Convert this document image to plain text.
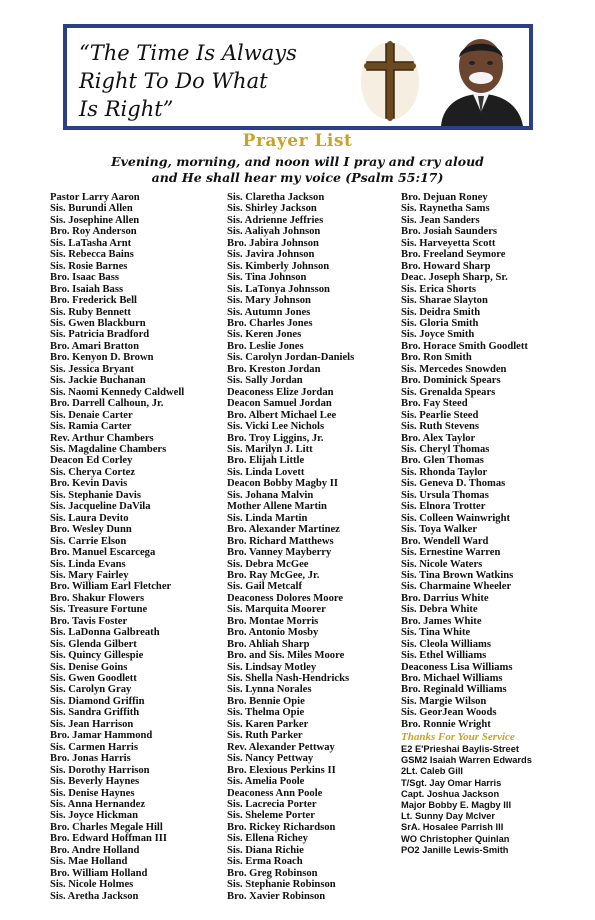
“The Time Is Always
Right To Do What
Is Right”
Prayer List
Evening, morning, and noon will I pray and cry aloud
and He shall hear my voice (Psalm 55:17)
Pastor Larry Aaron
Sis. Burundi Allen
Sis. Josephine Allen
Bro. Roy Anderson
Sis. LaTasha Arnt
Sis. Rebecca Bains
Sis. Rosie Barnes
Bro. Isaac Bass
Bro. Isaiah Bass
Bro. Frederick Bell
Sis. Ruby Bennett
Sis. Gwen Blackburn
Sis. Patricia Bradford
Bro. Amari Bratton
Bro. Kenyon D. Brown
Sis. Jessica Bryant
Sis. Jackie Buchanan
Sis. Naomi Kennedy Caldwell
Bro. Darrell Calhoun, Jr.
Sis. Denaie Carter
Sis. Ramia Carter
Rev. Arthur Chambers
Sis. Magdaline Chambers
Deacon Ed Corley
Sis. Cherya Cortez
Bro. Kevin Davis
Sis. Stephanie Davis
Sis. Jacqueline DaVila
Sis. Laura Devito
Bro. Wesley Dunn
Sis. Carrie Elson
Bro. Manuel Escarcega
Sis. Linda Evans
Sis. Mary Fairley
Bro. William Earl Fletcher
Bro. Shakur Flowers
Sis. Treasure Fortune
Bro. Tavis Foster
Sis. LaDonna Galbreath
Sis. Glenda Gilbert
Sis. Quincy Gillespie
Sis. Denise Goins
Sis. Gwen Goodlett
Sis. Carolyn Gray
Sis. Diamond Griffin
Sis. Sandra Griffith
Sis. Jean Harrison
Bro. Jamar Hammond
Sis. Carmen Harris
Bro. Jonas Harris
Sis. Dorothy Harrison
Sis. Beverly Haynes
Sis. Denise Haynes
Sis. Anna Hernandez
Sis. Joyce Hickman
Bro. Charles Megale Hill
Bro. Edward Hoffman III
Bro. Andre Holland
Sis. Mae Holland
Bro. William Holland
Sis. Nicole Holmes
Sis. Aretha Jackson
Sis. Claretha Jackson
Sis. Shirley Jackson
Sis. Adrienne Jeffries
Sis. Aaliyah Johnson
Bro. Jabira Johnson
Sis. Javira Johnson
Sis. Kimberly Johnson
Sis. Tina Johnson
Sis. LaTonya Johnsson
Sis. Mary Johnson
Sis. Autumn Jones
Bro. Charles Jones
Sis. Keren Jones
Bro. Leslie Jones
Sis. Carolyn Jordan-Daniels
Bro. Kreston Jordan
Sis. Sally Jordan
Deaconess Elize Jordan
Deacon Samuel Jordan
Bro. Albert Michael Lee
Sis. Vicki Lee Nichols
Bro. Troy Liggins, Jr.
Sis. Marilyn J. Litt
Bro. Elijah Little
Sis. Linda Lovett
Deacon Bobby Magby II
Sis. Johana Malvin
Mother Allene Martin
Sis. Linda Martin
Bro. Alexander Martinez
Bro. Richard Matthews
Bro. Vanney Mayberry
Sis. Debra McGee
Bro. Ray McGee, Jr.
Sis. Gail Metcalf
Deaconess Dolores Moore
Sis. Marquita Moorer
Bro. Montae Morris
Bro. Antonio Mosby
Bro. Ahliah Sharp
Bro. and Sis. Miles Moore
Sis. Lindsay Motley
Sis. Shella Nash-Hendricks
Sis. Lynna Norales
Bro. Bennie Opie
Sis. Thelma Opie
Sis. Karen Parker
Sis. Ruth Parker
Rev. Alexander Pettway
Sis. Nancy Pettway
Bro. Elexious Perkins II
Sis. Amelia Poole
Deaconess Ann Poole
Sis. Lacrecia Porter
Sis. Sheleme Porter
Bro. Rickey Richardson
Sis. Ellena Richey
Sis. Diana Richie
Sis. Erma Roach
Bro. Greg Robinson
Sis. Stephanie Robinson
Bro. Xavier Robinson
Bro. Dejuan Roney
Sis. Raynetha Sams
Sis. Jean Sanders
Bro. Josiah Saunders
Sis. Harveyetta Scott
Bro. Freeland Seymore
Bro. Howard Sharp
Deac. Joseph Sharp, Sr.
Sis. Erica Shorts
Sis. Sharae Slayton
Sis. Deidra Smith
Sis. Gloria Smith
Sis. Joyce Smith
Bro. Horace Smith Goodlett
Bro. Ron Smith
Sis. Mercedes Snowden
Bro. Dominick Spears
Sis. Grenalda Spears
Bro. Fay Steed
Sis. Pearlie Steed
Sis. Ruth Stevens
Bro. Alex Taylor
Sis. Cheryl Thomas
Bro. Glen Thomas
Sis. Rhonda Taylor
Sis. Geneva D. Thomas
Sis. Ursula Thomas
Sis. Elnora Trotter
Sis. Colleen Wainwright
Sis. Toya Walker
Bro. Wendell Ward
Sis. Ernestine Warren
Sis. Nicole Waters
Sis. Tina Brown Watkins
Sis. Charmaine Wheeler
Bro. Darrius White
Sis. Debra White
Bro. James White
Sis. Tina White
Sis. Cleola Williams
Sis. Ethel Williams
Deaconess Lisa Williams
Bro. Michael Williams
Bro. Reginald Williams
Sis. Margie Wilson
Sis. GeorJean Woods
Bro. Ronnie Wright
Thanks For Your Service
E2 E'Prieshai Baylis-Street
GSM2 Isaiah Warren Edwards
2Lt. Caleb Gill
T/Sgt. Jay Omar Harris
Capt. Joshua Jackson
Major Bobby E. Magby III
Lt. Sunny Day McIver
SrA. Hosalee Parrish III
WO Christopher Quinlan
PO2 Janille Lewis-Smith
